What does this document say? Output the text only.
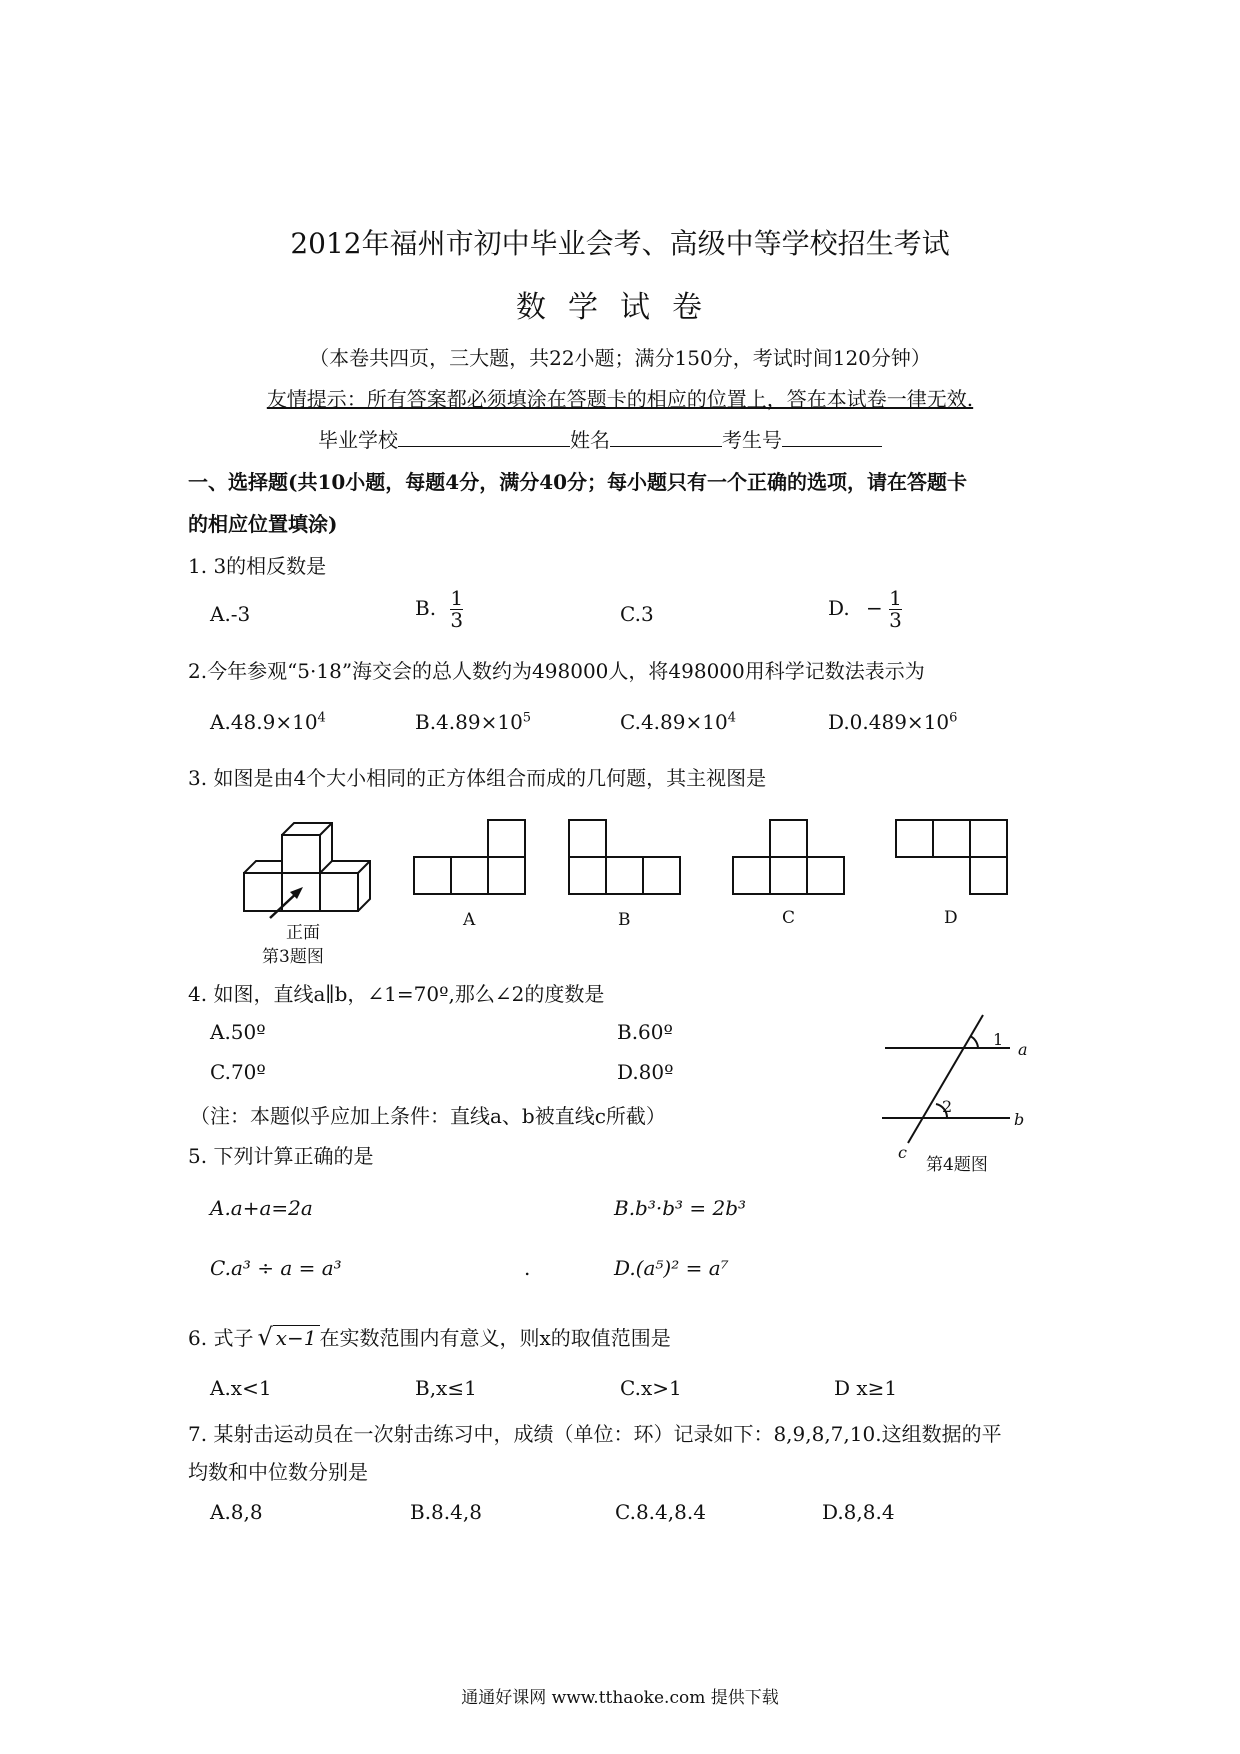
2012年福州市初中毕业会考、高级中等学校招生考试
数学试卷
（本卷共四页，三大题，共22小题；满分150分，考试时间120分钟）
友情提示：所有答案都必须填涂在答题卡的相应的位置上，答在本试卷一律无效.
毕业学校	姓名	考生号
一、选择题(共10小题，每题4分，满分40分；每小题只有一个正确的选项，请在答题卡
的相应位置填涂)
1. 3的相反数是
A.-3	B. $\frac{1}{3}$	C.3	D. − $\frac{1}{3}$
2.今年参观“5·18”海交会的总人数约为498000人，将498000用科学记数法表示为
$A.48.9\times 10^4$	$B.4.89\times 10^5$	$C.4.89\times 10^4$	$D.0.489\times 10^6$
3. 如图是由4个大小相同的正方体组合而成的几何题，其主视图是
正面
第3题图
A	B	C	D
4. 如图，直线a∥b，∠1=70º,那么∠2的度数是
A.50º	B.60º
C.70º	D.80º
（注：本题似乎应加上条件：直线a、b被直线c所截）
1
a
2
b
c
第4题图
5. 下列计算正确的是
A.a+a=2a	B.b³·b³ = 2b³
C.a³ ÷ a = a³	.	D.(a⁵)² = a⁷
6. 式子 √ x−1 在实数范围内有意义，则x的取值范围是
A.x<1	B,x≤1	C.x>1	D x≥1
7. 某射击运动员在一次射击练习中，成绩（单位：环）记录如下：8,9,8,7,10.这组数据的平
均数和中位数分别是
A.8,8	B.8.4,8	C.8.4,8.4	D.8,8.4
通通好课网 www.tthaoke.com 提供下载
